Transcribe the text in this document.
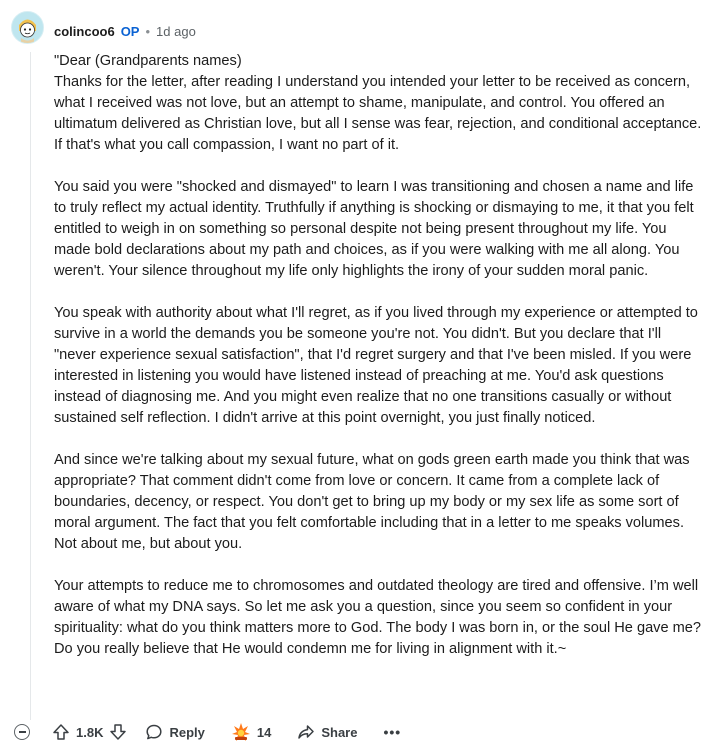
colincoo6 OP • 1d ago

"Dear (Grandparents names)
Thanks for the letter, after reading I understand you intended your letter to be received as concern, what I received was not love, but an attempt to shame, manipulate, and control. You offered an ultimatum delivered as Christian love, but all I sense was fear, rejection, and conditional acceptance. If that's what you call compassion, I want no part of it.

You said you were "shocked and dismayed" to learn I was transitioning and chosen a name and life to truly reflect my actual identity. Truthfully if anything is shocking or dismaying to me, it that you felt entitled to weigh in on something so personal despite not being present throughout my life. You made bold declarations about my path and choices, as if you were walking with me all along. You weren't. Your silence throughout my life only highlights the irony of your sudden moral panic.

You speak with authority about what I'll regret, as if you lived through my experience or attempted to survive in a world the demands you be someone you're not. You didn't. But you declare that I'll "never experience sexual satisfaction", that I'd regret surgery and that I've been misled. If you were interested in listening you would have listened instead of preaching at me. You'd ask questions instead of diagnosing me. And you might even realize that no one transitions casually or without sustained self reflection. I didn't arrive at this point overnight, you just finally noticed.

And since we're talking about my sexual future, what on gods green earth made you think that was appropriate? That comment didn't come from love or concern. It came from a complete lack of boundaries, decency, or respect. You don't get to bring up my body or my sex life as some sort of moral argument. The fact that you felt comfortable including that in a letter to me speaks volumes. Not about me, but about you.

Your attempts to reduce me to chromosomes and outdated theology are tired and offensive. I’m well aware of what my DNA says. So let me ask you a question, since you seem so confident in your spirituality: what do you think matters more to God. The body I was born in, or the soul He gave me? Do you really believe that He would condemn me for living in alignment with it.~

1.8K	Reply	14	Share •••
